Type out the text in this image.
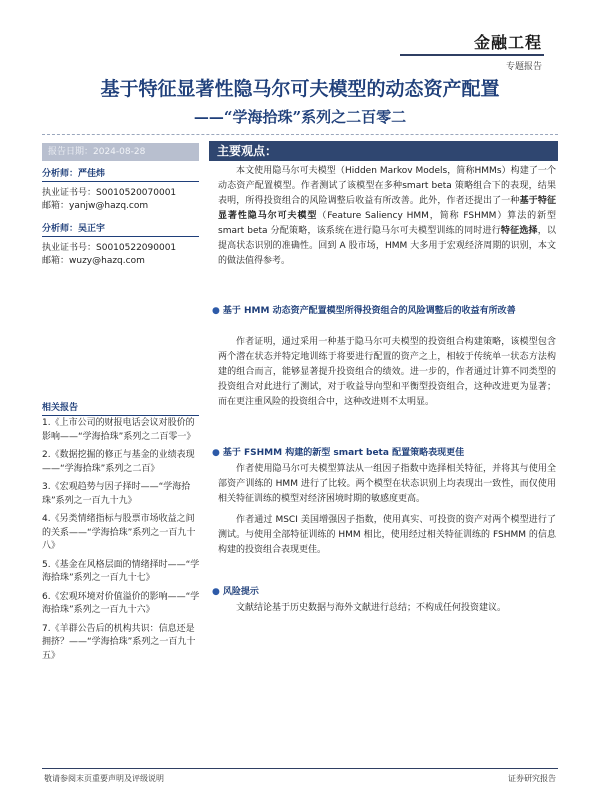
金融工程
专题报告
基于特征显著性隐马尔可夫模型的动态资产配置
——“学海拾珠”系列之二百零二
报告日期：2024-08-28	主要观点：
分析师：严佳炜
执业证书号：S0010520070001
邮箱：yanjw@hazq.com
分析师：吴正宇
执业证书号：S0010522090001
邮箱：wuzy@hazq.com
相关报告
1.《上市公司的财报电话会议对股价的影响——“学海拾珠”系列之二百零一》
2.《数据挖掘的修正与基金的业绩表现——“学海拾珠”系列之二百》
3.《宏观趋势与因子择时——“学海拾珠”系列之一百九十九》
4.《另类情绪指标与股票市场收益之间的关系——“学海拾珠”系列之一百九十八》
5.《基金在风格层面的情绪择时——“学海拾珠”系列之一百九十七》
6.《宏观环境对价值溢价的影响——“学海拾珠”系列之一百九十六》
7.《羊群公告后的机构共识：信息还是拥挤？——“学海拾珠”系列之一百九十五》

本文使用隐马尔可夫模型（Hidden Markov Models，简称HMMs）构建了一个动态资产配置模型。作者测试了该模型在多种smart beta 策略组合下的表现，结果表明，所得投资组合的风险调整后收益有所改善。此外，作者还提出了一种基于特征显著性隐马尔可夫模型（Feature Saliency HMM，简称 FSHMM）算法的新型 smart beta 分配策略，该系统在进行隐马尔可夫模型训练的同时进行特征选择，以提高状态识别的准确性。回到 A 股市场，HMM 大多用于宏观经济周期的识别，本文的做法值得参考。

● 基于 HMM 动态资产配置模型所得投资组合的风险调整后的收益有所改善

作者证明，通过采用一种基于隐马尔可夫模型的投资组合构建策略，该模型包含两个潜在状态并特定地训练于将要进行配置的资产之上，相较于传统单一状态方法构建的组合而言，能够显著提升投资组合的绩效。进一步的，作者通过计算不同类型的投资组合对此进行了测试，对于收益导向型和平衡型投资组合，这种改进更为显著；而在更注重风险的投资组合中，这种改进则不太明显。

● 基于 FSHMM 构建的新型 smart beta 配置策略表现更佳

作者使用隐马尔可夫模型算法从一组因子指数中选择相关特征，并将其与使用全部资产训练的 HMM 进行了比较。两个模型在状态识别上均表现出一致性，而仅使用相关特征训练的模型对经济困境时期的敏感度更高。

作者通过 MSCI 美国增强因子指数，使用真实、可投资的资产对两个模型进行了测试。与使用全部特征训练的 HMM 相比，使用经过相关特征训练的 FSHMM 的信息构建的投资组合表现更佳。

● 风险提示
文献结论基于历史数据与海外文献进行总结；不构成任何投资建议。
敬请参阅末页重要声明及评级说明	证券研究报告
